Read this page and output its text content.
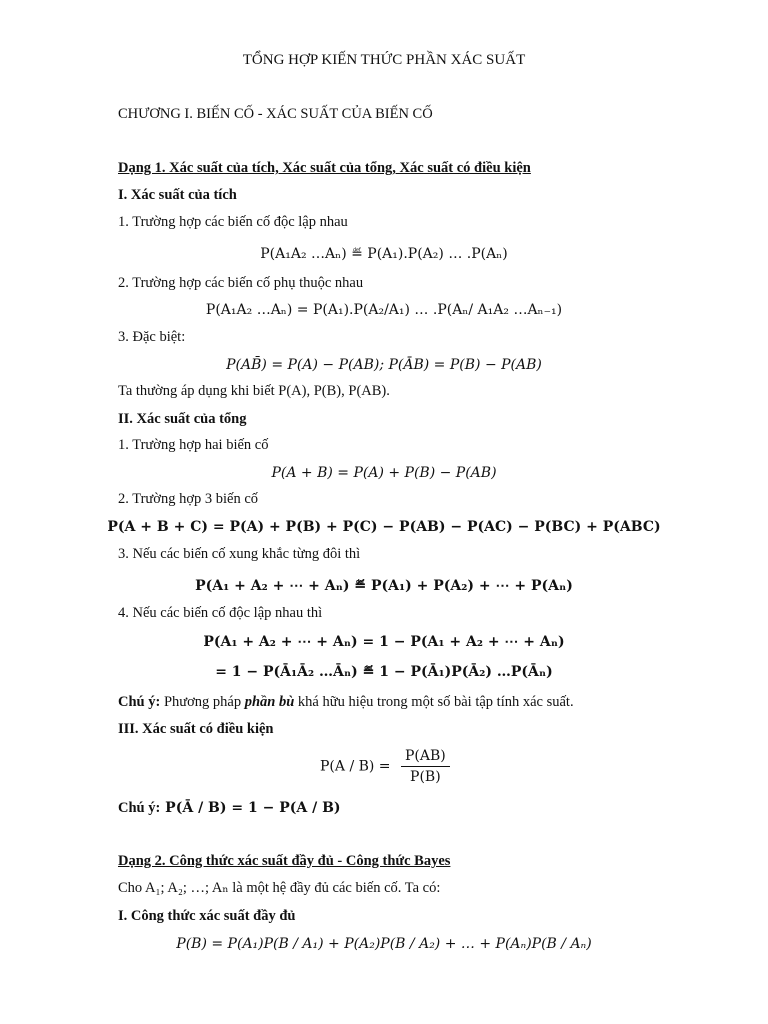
TỔNG HỢP KIẾN THỨC PHẦN XÁC SUẤT
CHƯƠNG I. BIẾN CỐ - XÁC SUẤT CỦA BIẾN CỐ
Dạng 1. Xác suất của tích, Xác suất của tổng, Xác suất có điều kiện
I. Xác suất của tích
1. Trường hợp các biến cố độc lập nhau
P(A₁A₂ …Aₙ) ≝ P(A₁).P(A₂) … .P(Aₙ)
2. Trường hợp các biến cố phụ thuộc nhau
P(A₁A₂ …Aₙ) = P(A₁).P(A₂/A₁) … .P(Aₙ/ A₁A₂ …Aₙ₋₁)
3. Đặc biệt:
P(AB̄) = P(A) − P(AB); P(ĀB) = P(B) − P(AB)
Ta thường áp dụng khi biết P(A), P(B), P(AB).
II. Xác suất của tổng
1. Trường hợp hai biến cố
P(A + B) = P(A) + P(B) − P(AB)
2. Trường hợp 3 biến cố
P(A + B + C) = P(A) + P(B) + P(C) − P(AB) − P(AC) − P(BC) + P(ABC)
3. Nếu các biến cố xung khắc từng đôi thì
P(A₁ + A₂ + ⋯ + Aₙ) ≝ P(A₁) + P(A₂) + ⋯ + P(Aₙ)
4. Nếu các biến cố độc lập nhau thì
P(A₁ + A₂ + ⋯ + Aₙ) = 1 − P(A₁ + A₂ + ⋯ + Aₙ)
= 1 − P(Ā₁Ā₂ …Āₙ) ≝ 1 − P(Ā₁)P(Ā₂) …P(Āₙ)
Chú ý: Phương pháp phần bù khá hữu hiệu trong một số bài tập tính xác suất.
III. Xác suất có điều kiện
$P(A / B) = \frac{P(AB)}{P(B)}$
Chú ý: P(Ā / B) = 1 − P(A / B)
Dạng 2. Công thức xác suất đầy đủ - Công thức Bayes
Cho A₁; A₂; …; Aₙ là một hệ đầy đủ các biến cố. Ta có:
I. Công thức xác suất đầy đủ
P(B) = P(A₁)P(B / A₁) + P(A₂)P(B / A₂) + … + P(Aₙ)P(B / Aₙ)
